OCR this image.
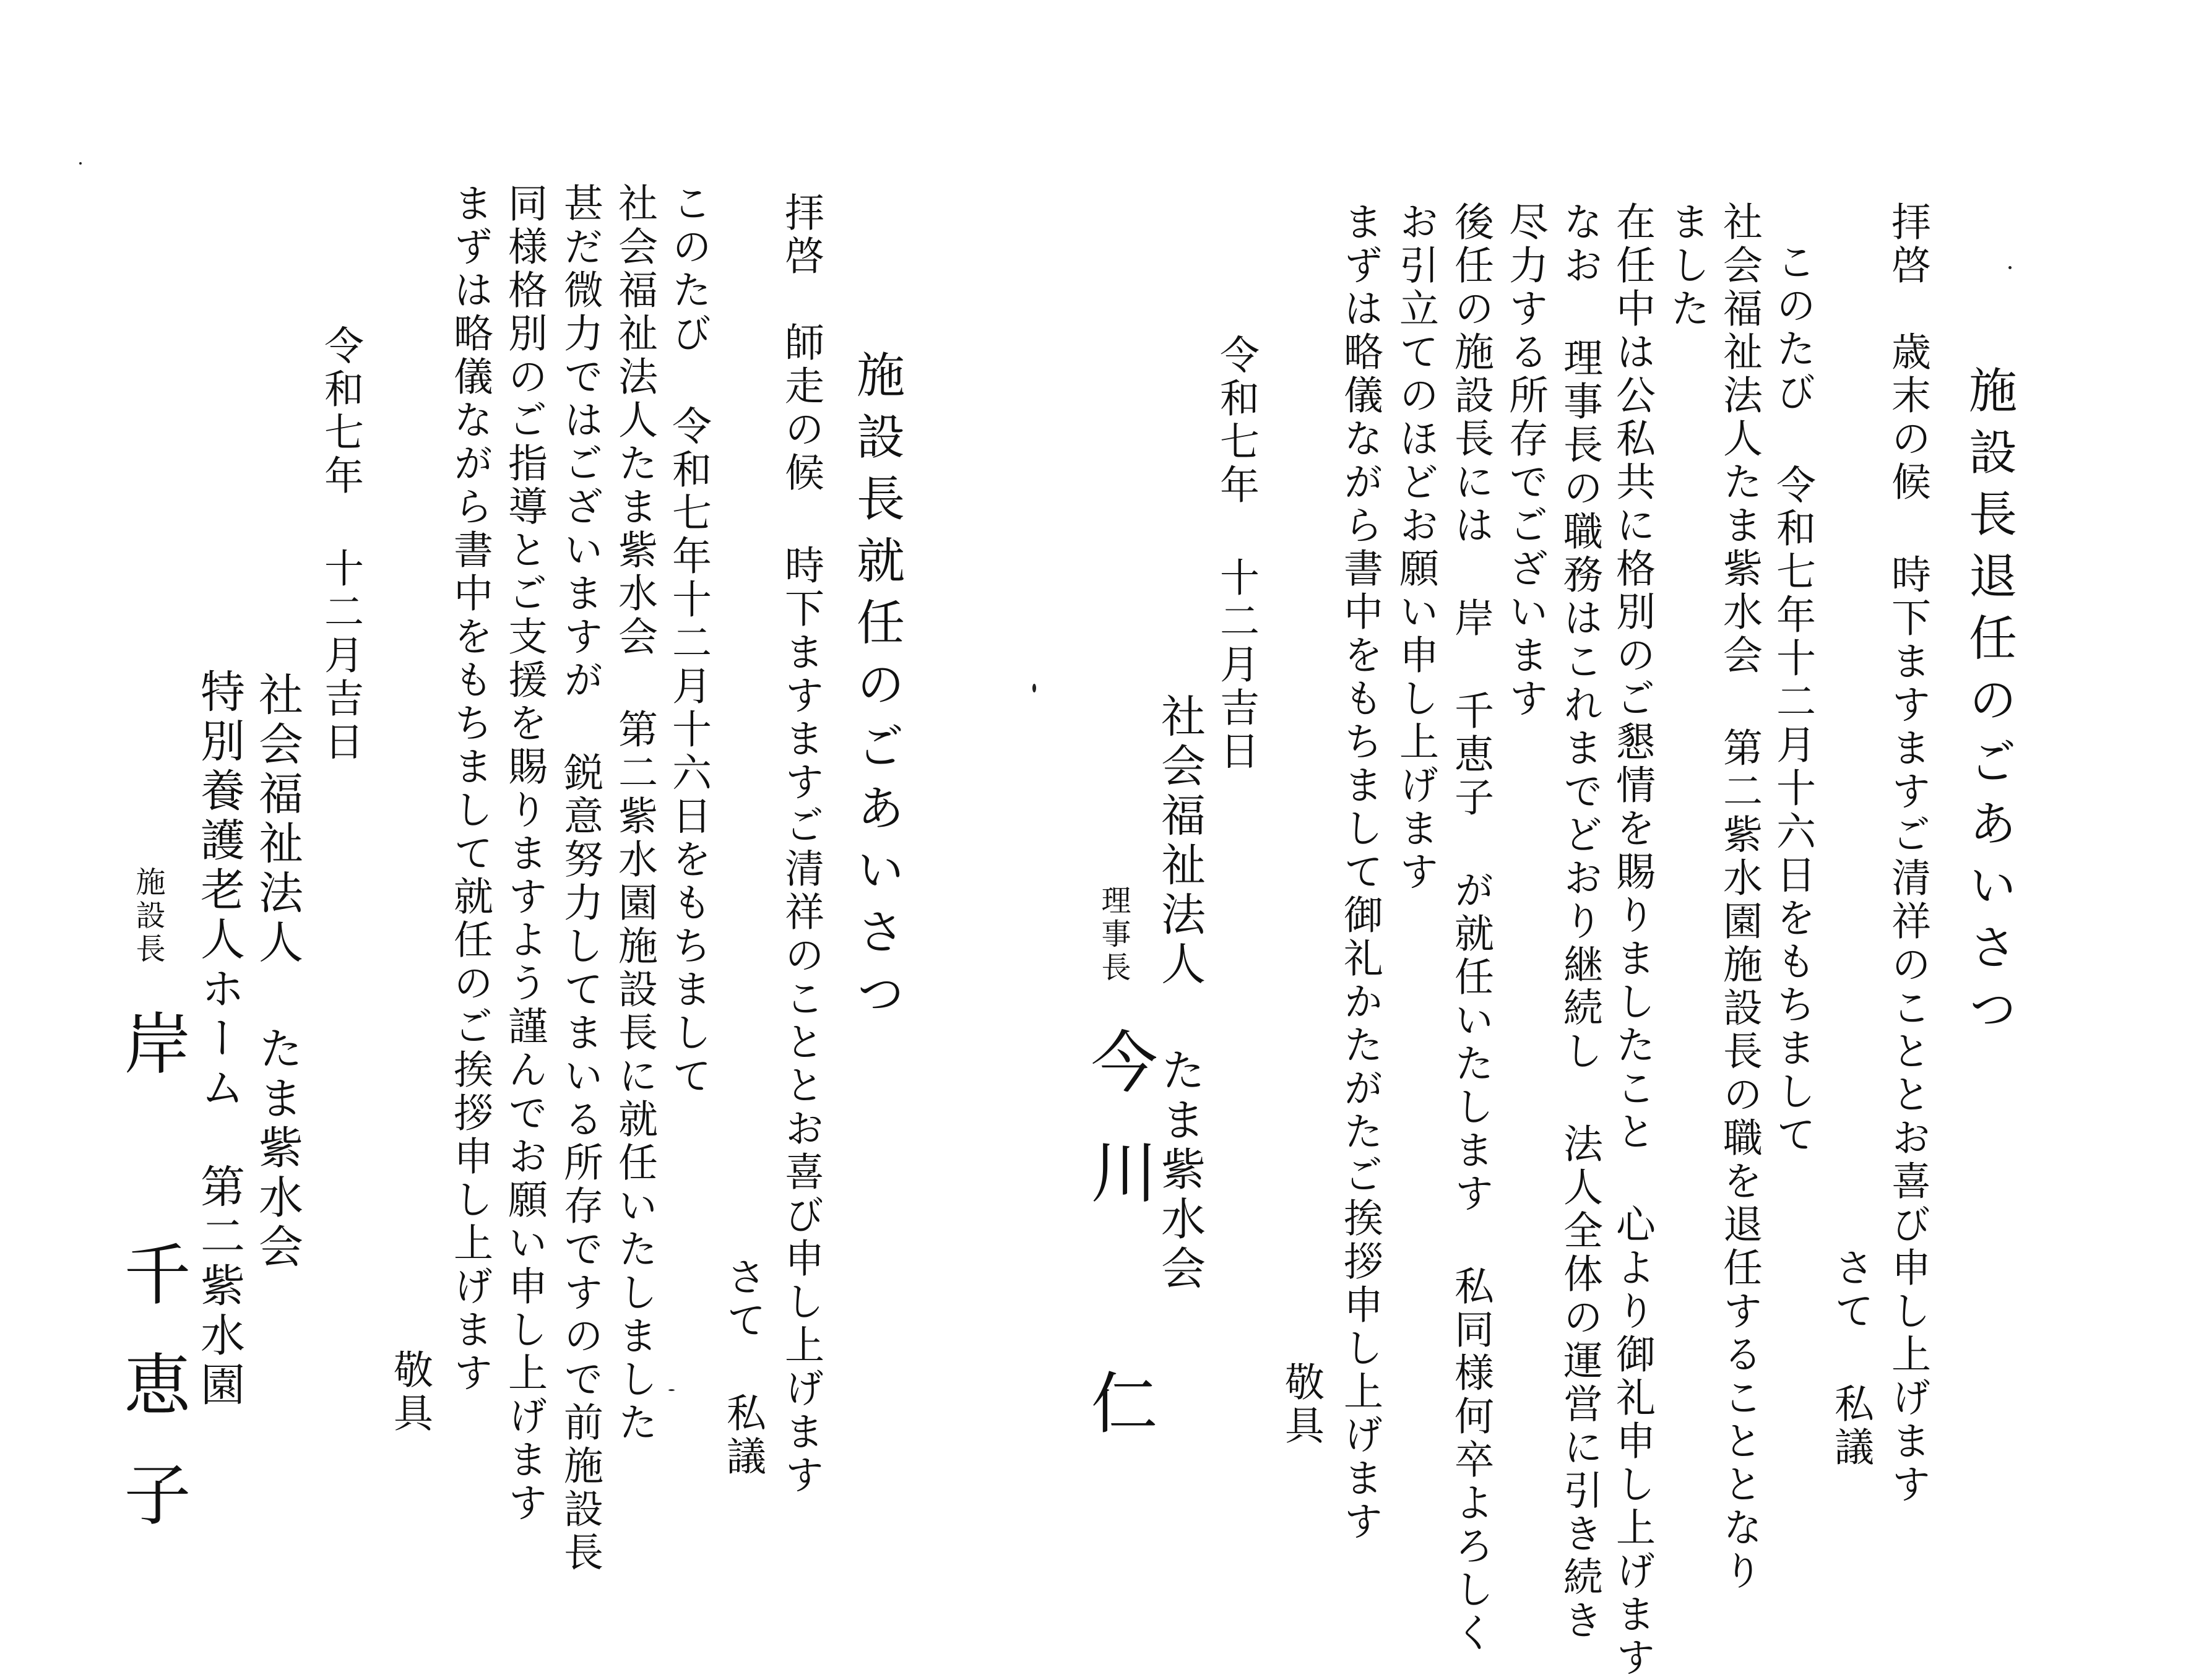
施設長退任のごあいさつ
拝啓　歳末の候 時下ますますご清祥のこととお喜び申し上げます
さて 私議
このたび 令和七年十二月十六日をもちまして
社会福祉法人たま紫水会 第二紫水園施設長の職を退任することとなり
ました
在任中は公私共に格別のご懇情を賜りましたこと 心より御礼申し上げます
なお 理事長の職務はこれまでどおり継続し 法人全体の運営に引き続き
尽力する所存でございます
後任の施設長には 岸 千恵子 が就任いたします 私同様何卒よろしく
お引立てのほどお願い申し上げます
まずは略儀ながら書中をもちまして御礼かたがたご挨拶申し上げます
敬具
令和七年 十二月吉日
社会福祉法人 たま紫水会
理事長
今川 仁
拝啓　師走の候 時下ますますご清祥のこととお喜び申し上げます 施設長就任のごあいさつ
さて 私議
このたび 令和七年十二月十六日をもちまして
社会福祉法人たま紫水会 第二紫水園施設長に就任いたしました
甚だ微力ではございますが 鋭意努力してまいる所存ですので前施設長
同様格別のご指導とご支援を賜りますよう謹んでお願い申し上げます
まずは略儀ながら書中をもちまして就任のご挨拶申し上げます
敬具
令和七年 十二月吉日
社会福祉法人 たま紫水会
特別養護老人ホーム　第二紫水園
施設長
岸 千恵子
